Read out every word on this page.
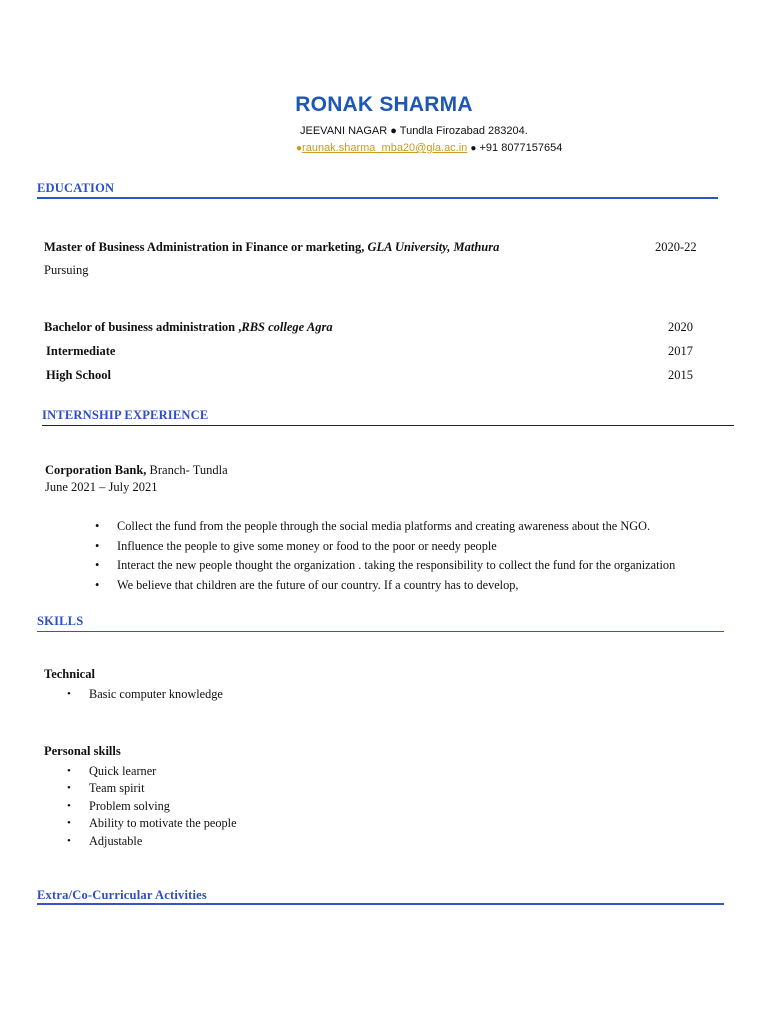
RONAK SHARMA
JEEVANI NAGAR ● Tundla Firozabad 283204.
●raunak.sharma_mba20@gla.ac.in ● +91 8077157654
EDUCATION
Master of Business Administration in Finance or marketing, GLA University, Mathura	2020-22
Pursuing
Bachelor of business administration ,RBS college Agra	2020
Intermediate	2017
High School	2015
INTERNSHIP EXPERIENCE
Corporation Bank, Branch- Tundla
June 2021 – July 2021
• Collect the fund from the people through the social media platforms and creating awareness about the NGO.
• Influence the people to give some money or food to the poor or needy people
• Interact the new people thought the organization . taking the responsibility to collect the fund for the organization
• We believe that children are the future of our country. If a country has to develop,
SKILLS
Technical
• Basic computer knowledge
Personal skills
• Quick learner
• Team spirit
• Problem solving
• Ability to motivate the people
• Adjustable
Extra/Co-Curricular Activities
